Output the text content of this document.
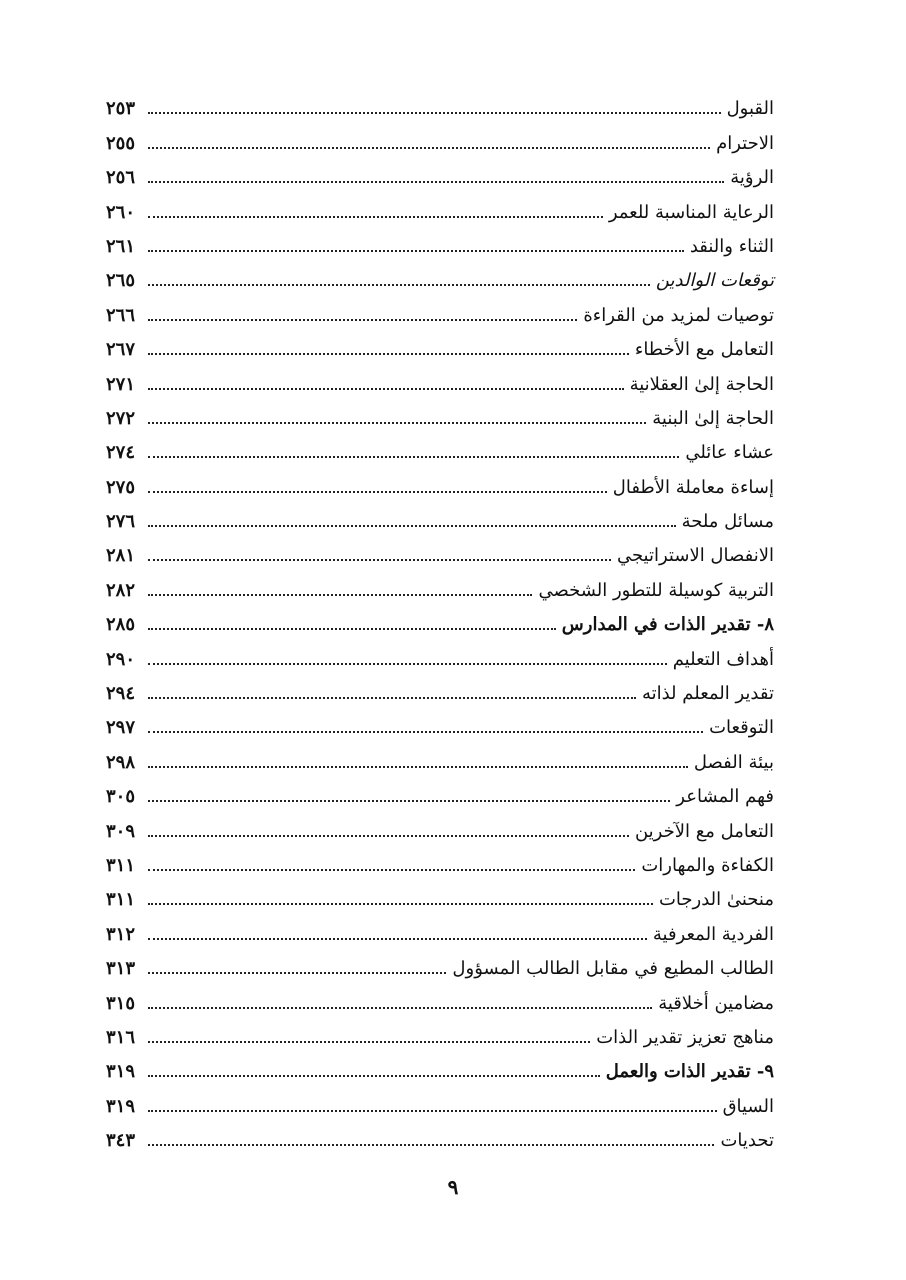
القبول
٢٥٣
الاحترام
٢٥٥
الرؤية
٢٥٦
الرعاية المناسبة للعمر
٢٦٠
الثناء والنقد
٢٦١
توقعات الوالدين
٢٦٥
توصيات لمزيد من القراءة
٢٦٦
التعامل مع الأخطاء
٢٦٧
الحاجة إلىٰ العقلانية
٢٧١
الحاجة إلىٰ البنية
٢٧٢
عشاء عائلي
٢٧٤
إساءة معاملة الأطفال
٢٧٥
مسائل ملحة
٢٧٦
الانفصال الاستراتيجي
٢٨١
التربية كوسيلة للتطور الشخصي
٢٨٢
٨- تقدير الذات في المدارس
٢٨٥
أهداف التعليم
٢٩٠
تقدير المعلم لذاته
٢٩٤
التوقعات
٢٩٧
بيئة الفصل
٢٩٨
فهم المشاعر
٣٠٥
التعامل مع الآخرين
٣٠٩
الكفاءة والمهارات
٣١١
منحنىٰ الدرجات
٣١١
الفردية المعرفية
٣١٢
الطالب المطيع في مقابل الطالب المسؤول
٣١٣
مضامين أخلاقية
٣١٥
مناهج تعزيز تقدير الذات
٣١٦
٩- تقدير الذات والعمل
٣١٩
السياق
٣١٩
تحديات
٣٤٣
٩
